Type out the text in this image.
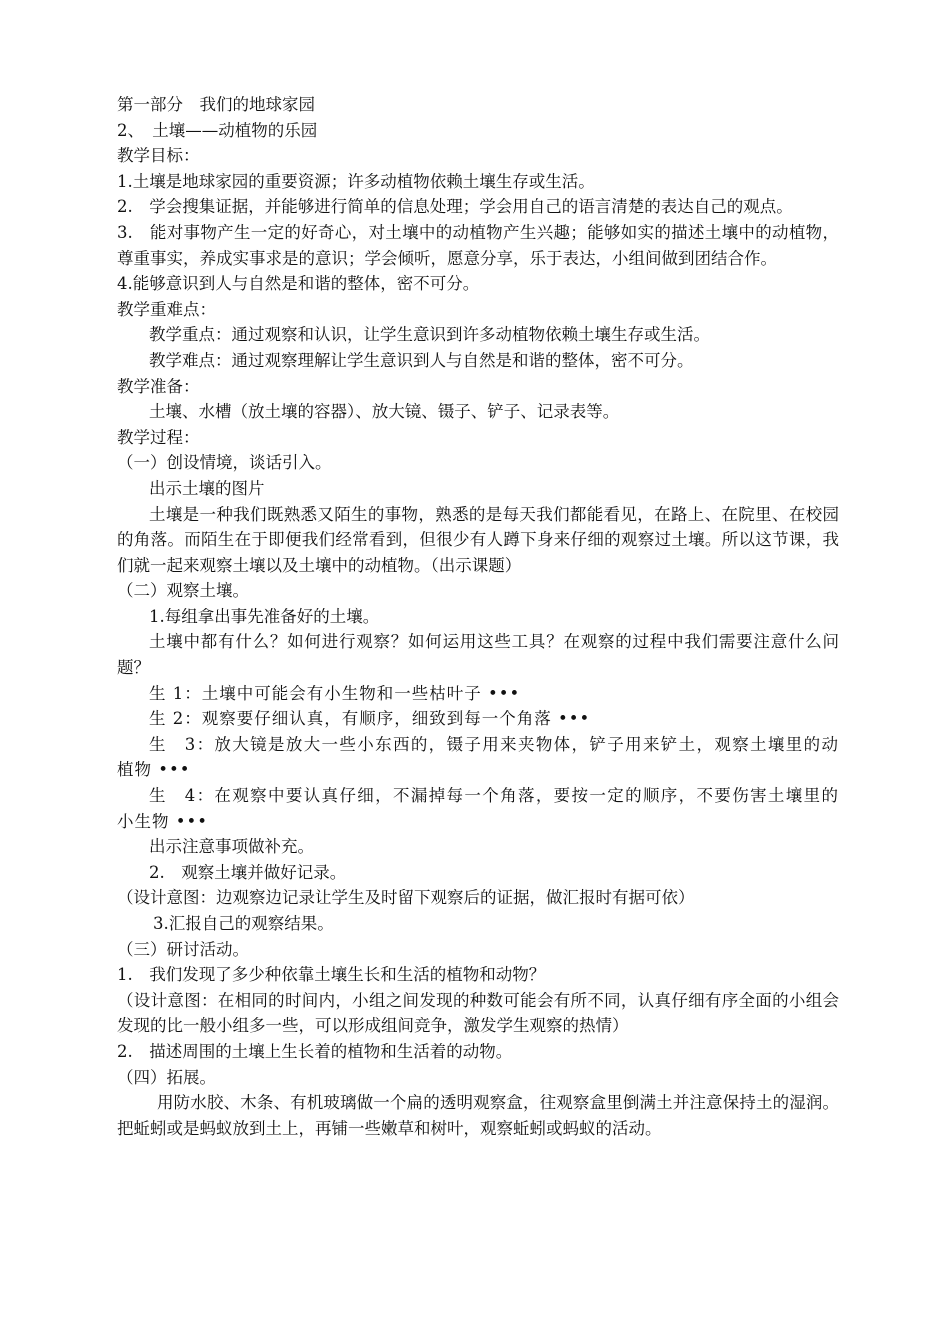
第一部分　我们的地球家园

2、　土壤——动植物的乐园

教学目标：

1.土壤是地球家园的重要资源；许多动植物依赖土壤生存或生活。

2.　学会搜集证据，并能够进行简单的信息处理；学会用自己的语言清楚的表达自己的观点。

3.　能对事物产生一定的好奇心，对土壤中的动植物产生兴趣；能够如实的描述土壤中的动植物，尊重事实，养成实事求是的意识；学会倾听，愿意分享，乐于表达，小组间做到团结合作。

4.能够意识到人与自然是和谐的整体，密不可分。

教学重难点：

教学重点：通过观察和认识，让学生意识到许多动植物依赖土壤生存或生活。

教学难点：通过观察理解让学生意识到人与自然是和谐的整体，密不可分。

教学准备：

土壤、水槽（放土壤的容器）、放大镜、镊子、铲子、记录表等。

教学过程：

（一）创设情境，谈话引入。

出示土壤的图片

土壤是一种我们既熟悉又陌生的事物，熟悉的是每天我们都能看见，在路上、在院里、在校园的角落。而陌生在于即便我们经常看到，但很少有人蹲下身来仔细的观察过土壤。所以这节课，我们就一起来观察土壤以及土壤中的动植物。（出示课题）

（二）观察土壤。

1.每组拿出事先准备好的土壤。

土壤中都有什么？如何进行观察？如何运用这些工具？在观察的过程中我们需要注意什么问题？

生 1：土壤中可能会有小生物和一些枯叶子 •••

生 2：观察要仔细认真，有顺序，细致到每一个角落 •••

生　3：放大镜是放大一些小东西的，镊子用来夹物体，铲子用来铲土，观察土壤里的动植物 •••

生　4：在观察中要认真仔细，不漏掉每一个角落，要按一定的顺序，不要伤害土壤里的小生物 •••

出示注意事项做补充。

2.　观察土壤并做好记录。

（设计意图：边观察边记录让学生及时留下观察后的证据，做汇报时有据可依）

3.汇报自己的观察结果。

（三）研讨活动。

1.　我们发现了多少种依靠土壤生长和生活的植物和动物？

（设计意图：在相同的时间内，小组之间发现的种数可能会有所不同，认真仔细有序全面的小组会发现的比一般小组多一些，可以形成组间竞争，激发学生观察的热情）

2.　描述周围的土壤上生长着的植物和生活着的动物。

（四）拓展。

用防水胶、木条、有机玻璃做一个扁的透明观察盒，往观察盒里倒满土并注意保持土的湿润。把蚯蚓或是蚂蚁放到土上，再铺一些嫩草和树叶，观察蚯蚓或蚂蚁的活动。
